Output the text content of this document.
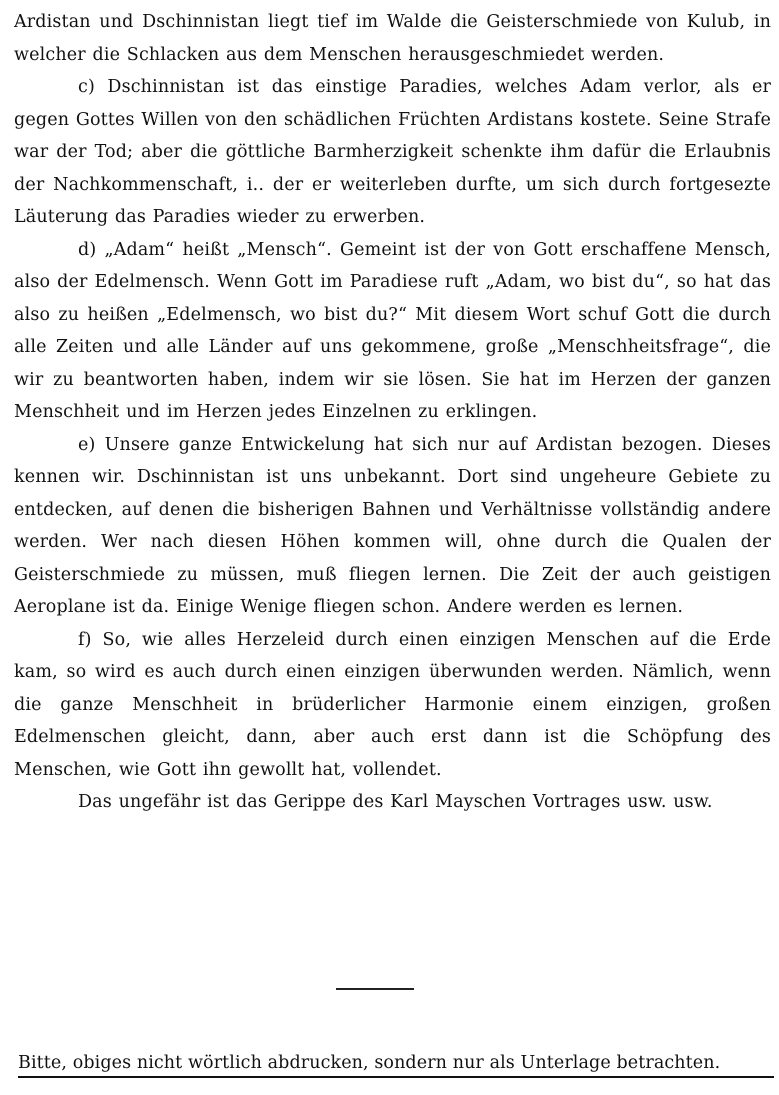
Ardistan und Dschinnistan liegt tief im Walde die Geisterschmiede von Kulub, in welcher die Schlacken aus dem Menschen herausgeschmiedet werden.

c) Dschinnistan ist das einstige Paradies, welches Adam verlor, als er gegen Gottes Willen von den schädlichen Früchten Ardistans kostete. Seine Strafe war der Tod; aber die göttliche Barmherzigkeit schenkte ihm dafür die Erlaubnis der Nachkommenschaft, i.. der er weiterleben durfte, um sich durch fortgesezte Läuterung das Paradies wieder zu erwerben.

d) „Adam“ heißt „Mensch“. Gemeint ist der von Gott erschaffene Mensch, also der Edelmensch. Wenn Gott im Paradiese ruft „Adam, wo bist du“, so hat das also zu heißen „Edelmensch, wo bist du?“ Mit diesem Wort schuf Gott die durch alle Zeiten und alle Länder auf uns gekommene, große „Menschheitsfrage“, die wir zu beantworten haben, indem wir sie lösen. Sie hat im Herzen der ganzen Menschheit und im Herzen jedes Einzelnen zu erklingen.

e) Unsere ganze Entwickelung hat sich nur auf Ardistan bezogen. Dieses kennen wir. Dschinnistan ist uns unbekannt. Dort sind ungeheure Gebiete zu entdecken, auf denen die bisherigen Bahnen und Verhältnisse vollständig andere werden. Wer nach diesen Höhen kommen will, ohne durch die Qualen der Geisterschmiede zu müssen, muß fliegen lernen. Die Zeit der auch geistigen Aeroplane ist da. Einige Wenige fliegen schon. Andere werden es lernen.

f) So, wie alles Herzeleid durch einen einzigen Menschen auf die Erde kam, so wird es auch durch einen einzigen überwunden werden. Nämlich, wenn die ganze Menschheit in brüderlicher Harmonie einem einzigen, großen Edelmenschen gleicht, dann, aber auch erst dann ist die Schöpfung des Menschen, wie Gott ihn gewollt hat, vollendet.

Das ungefähr ist das Gerippe des Karl Mayschen Vortrages usw. usw.

Bitte, obiges nicht wörtlich abdrucken, sondern nur als Unterlage betrachten.
